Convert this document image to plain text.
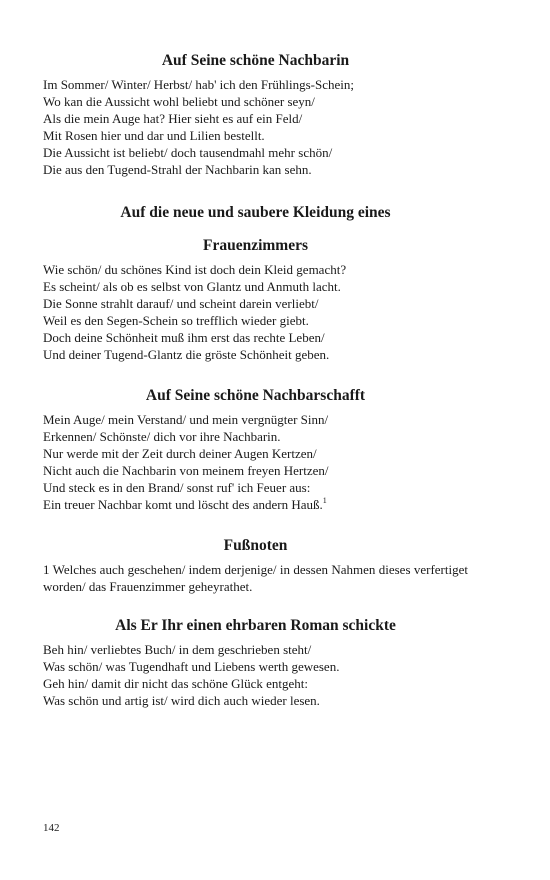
Auf Seine schöne Nachbarin
Im Sommer/ Winter/ Herbst/ hab' ich den Frühlings-Schein;
Wo kan die Aussicht wohl beliebt und schöner seyn/
Als die mein Auge hat? Hier sieht es auf ein Feld/
Mit Rosen hier und dar und Lilien bestellt.
Die Aussicht ist beliebt/ doch tausendmahl mehr schön/
Die aus den Tugend-Strahl der Nachbarin kan sehn.
Auf die neue und saubere Kleidung eines
Frauenzimmers
Wie schön/ du schönes Kind ist doch dein Kleid gemacht?
Es scheint/ als ob es selbst von Glantz und Anmuth lacht.
Die Sonne strahlt darauf/ und scheint darein verliebt/
Weil es den Segen-Schein so trefflich wieder giebt.
Doch deine Schönheit muß ihm erst das rechte Leben/
Und deiner Tugend-Glantz die gröste Schönheit geben.
Auf Seine schöne Nachbarschafft
Mein Auge/ mein Verstand/ und mein vergnügter Sinn/
Erkennen/ Schönste/ dich vor ihre Nachbarin.
Nur werde mit der Zeit durch deiner Augen Kertzen/
Nicht auch die Nachbarin von meinem freyen Hertzen/
Und steck es in den Brand/ sonst ruf' ich Feuer aus:
Ein treuer Nachbar komt und löscht des andern Hauß.$^1$
Fußnoten

1 Welches auch geschehen/ indem derjenige/ in dessen Nahmen dieses verfertiget worden/ das Frauenzimmer geheyrathet.

Als Er Ihr einen ehrbaren Roman schickte
Beh hin/ verliebtes Buch/ in dem geschrieben steht/
Was schön/ was Tugendhaft und Liebens werth gewesen.
Geh hin/ damit dir nicht das schöne Glück entgeht:
Was schön und artig ist/ wird dich auch wieder lesen.
142
